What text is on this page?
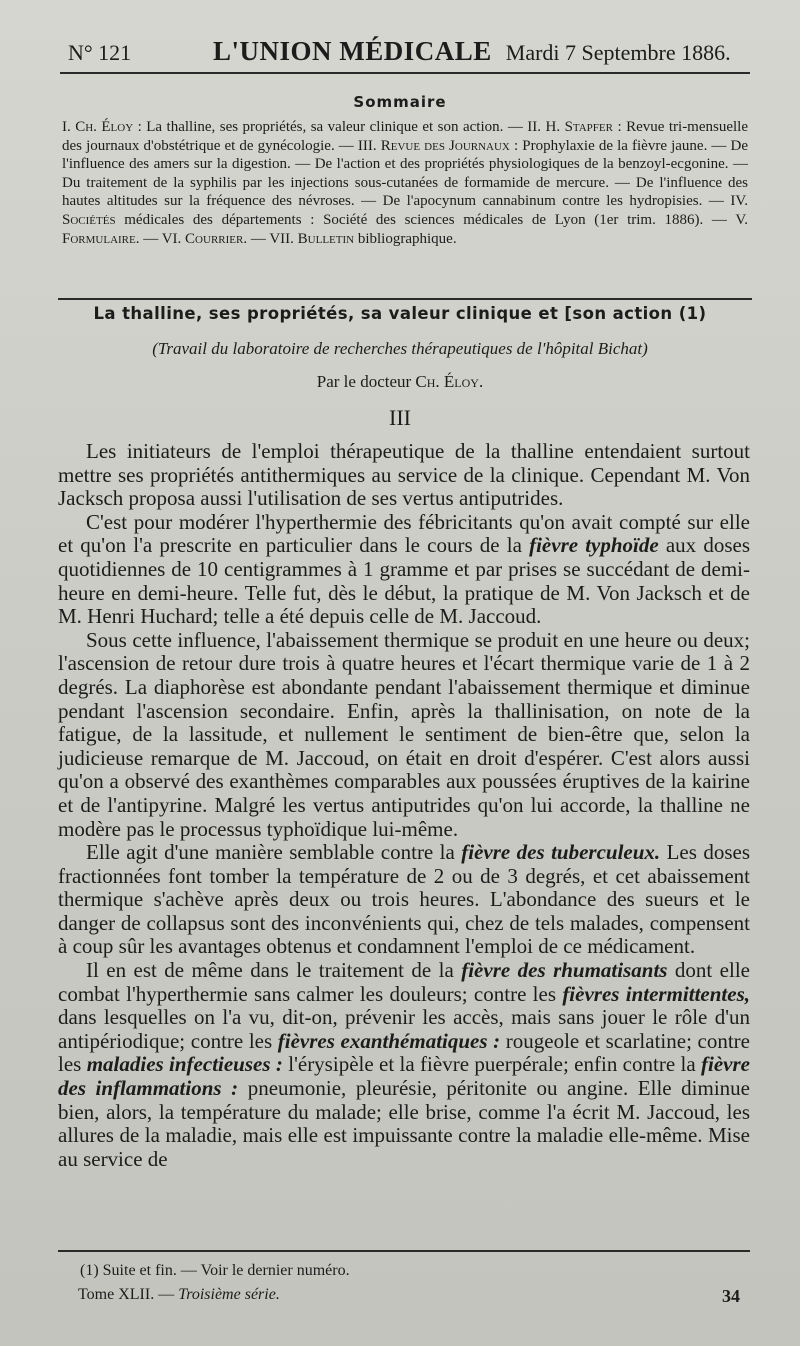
N° 121	L'UNION MÉDICALE Mardi 7 Septembre 1886.
Sommaire
I. Ch. Éloy : La thalline, ses propriétés, sa valeur clinique et son action. — II. H. Stapfer : Revue tri-mensuelle des journaux d'obstétrique et de gynécologie. — III. Revue des Journaux : Prophylaxie de la fièvre jaune. — De l'influence des amers sur la digestion. — De l'action et des propriétés physiologiques de la benzoyl-ecgonine. — Du traitement de la syphilis par les injections sous-cutanées de formamide de mercure. — De l'influence des hautes altitudes sur la fréquence des névroses. — De l'apocynum cannabinum contre les hydropisies. — IV. Sociétés médicales des départements : Société des sciences médicales de Lyon (1er trim. 1886). — V. Formulaire. — VI. Courrier. — VII. Bulletin bibliographique.
La thalline, ses propriétés, sa valeur clinique et [son action (1)
(Travail du laboratoire de recherches thérapeutiques de l'hôpital Bichat)
Par le docteur Ch. Éloy.
III

Les initiateurs de l'emploi thérapeutique de la thalline entendaient surtout mettre ses propriétés antithermiques au service de la clinique. Cependant M. Von Jacksch proposa aussi l'utilisation de ses vertus antiputrides.

C'est pour modérer l'hyperthermie des fébricitants qu'on avait compté sur elle et qu'on l'a prescrite en particulier dans le cours de la fièvre typhoïde aux doses quotidiennes de 10 centigrammes à 1 gramme et par prises se succédant de demi-heure en demi-heure. Telle fut, dès le début, la pratique de M. Von Jacksch et de M. Henri Huchard; telle a été depuis celle de M. Jaccoud.

Sous cette influence, l'abaissement thermique se produit en une heure ou deux; l'ascension de retour dure trois à quatre heures et l'écart thermique varie de 1 à 2 degrés. La diaphorèse est abondante pendant l'abaissement thermique et diminue pendant l'ascension secondaire. Enfin, après la thallinisation, on note de la fatigue, de la lassitude, et nullement le sentiment de bien-être que, selon la judicieuse remarque de M. Jaccoud, on était en droit d'espérer. C'est alors aussi qu'on a observé des exanthèmes comparables aux poussées éruptives de la kairine et de l'antipyrine. Malgré les vertus antiputrides qu'on lui accorde, la thalline ne modère pas le processus typhoïdique lui-même.

Elle agit d'une manière semblable contre la fièvre des tuberculeux. Les doses fractionnées font tomber la température de 2 ou de 3 degrés, et cet abaissement thermique s'achève après deux ou trois heures. L'abondance des sueurs et le danger de collapsus sont des inconvénients qui, chez de tels malades, compensent à coup sûr les avantages obtenus et condamnent l'emploi de ce médicament.

Il en est de même dans le traitement de la fièvre des rhumatisants dont elle combat l'hyperthermie sans calmer les douleurs; contre les fièvres intermittentes, dans lesquelles on l'a vu, dit-on, prévenir les accès, mais sans jouer le rôle d'un antipériodique; contre les fièvres exanthématiques : rougeole et scarlatine; contre les maladies infectieuses : l'érysipèle et la fièvre puerpérale; enfin contre la fièvre des inflammations : pneumonie, pleurésie, péritonite ou angine. Elle diminue bien, alors, la température du malade; elle brise, comme l'a écrit M. Jaccoud, les allures de la maladie, mais elle est impuissante contre la maladie elle-même. Mise au service de

(1) Suite et fin. — Voir le dernier numéro.
Tome XLII. — Troisième série.	34
